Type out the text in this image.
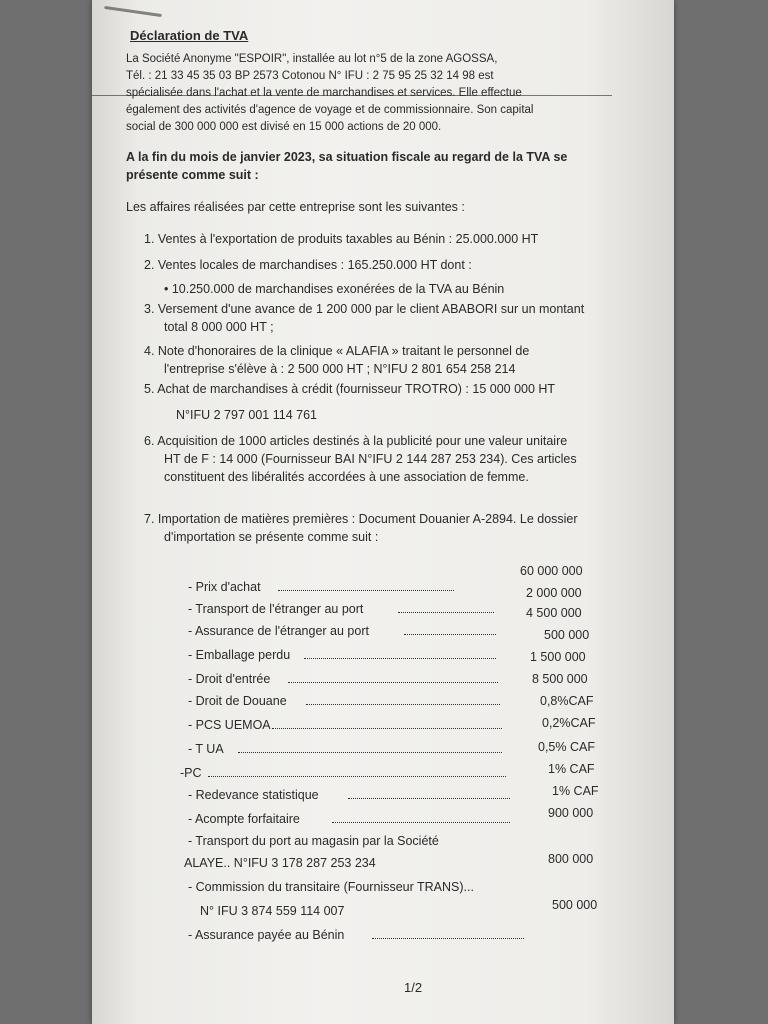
Déclaration de TVA
La Société Anonyme "ESPOIR", installée au lot n°5 de la zone AGOSSA,
Tél. : 21 33 45 35 03 BP 2573 Cotonou N° IFU : 2 75 95 25 32 14 98 est
spécialisée dans l'achat et la vente de marchandises et services. Elle effectue
également des activités d'agence de voyage et de commissionnaire. Son capital
social de 300 000 000 est divisé en 15 000 actions de 20 000.
A la fin du mois de janvier 2023, sa situation fiscale au regard de la TVA se
présente comme suit :
Les affaires réalisées par cette entreprise sont les suivantes :
1. Ventes à l'exportation de produits taxables au Bénin : 25.000.000 HT
2. Ventes locales de marchandises : 165.250.000 HT dont :
• 10.250.000 de marchandises exonérées de la TVA au Bénin
3. Versement d'une avance de 1 200 000 par le client ABABORI sur un montant
total 8 000 000 HT ;
4. Note d'honoraires de la clinique « ALAFIA » traitant le personnel de
l'entreprise s'élève à : 2 500 000 HT ; N°IFU 2 801 654 258 214
5. Achat de marchandises à crédit (fournisseur TROTRO) : 15 000 000 HT
N°IFU 2 797 001 114 761
6. Acquisition de 1000 articles destinés à la publicité pour une valeur unitaire
HT de F : 14 000 (Fournisseur BAI N°IFU 2 144 287 253 234). Ces articles
constituent des libéralités accordées à une association de femme.
7. Importation de matières premières : Document Douanier A-2894. Le dossier
d'importation se présente comme suit :
- Prix d'achat
60 000 000
- Transport de l'étranger au port
2 000 000
- Assurance de l'étranger au port
4 500 000
- Emballage perdu
500 000
- Droit d'entrée
1 500 000
- Droit de Douane
8 500 000
- PCS UEMOA
0,8%CAF
- T UA
0,2%CAF
-PC
0,5% CAF
- Redevance statistique
1% CAF
- Acompte forfaitaire
1% CAF
- Transport du port au magasin par la Société
900 000
ALAYE.. N°IFU 3 178 287 253 234
- Commission du transitaire (Fournisseur TRANS)...
800 000
N° IFU 3 874 559 114 007
- Assurance payée au Bénin
500 000
1/2
